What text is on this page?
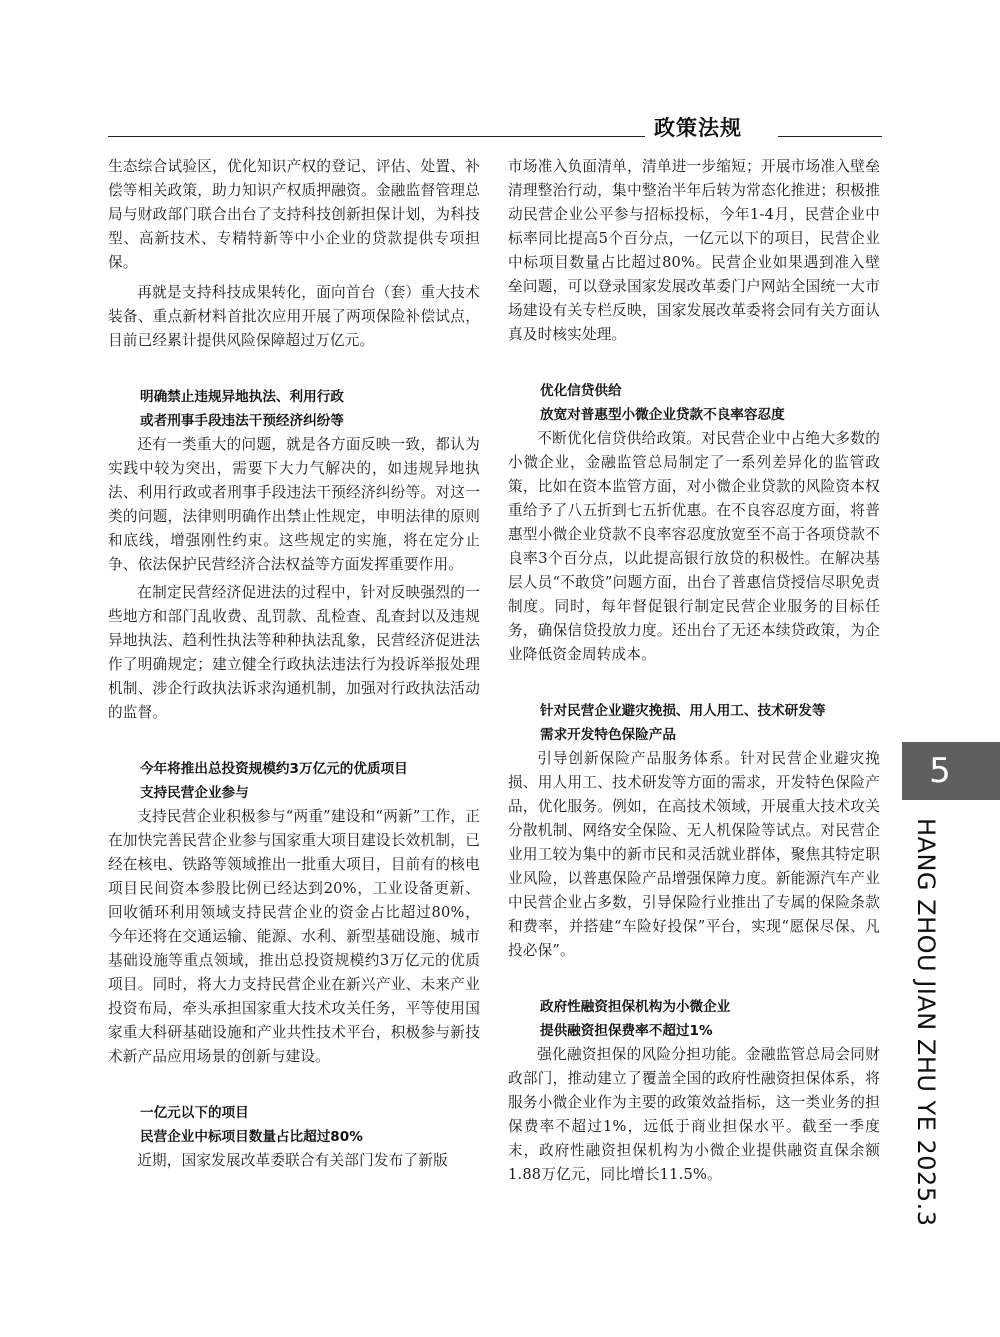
政策法规

生态综合试验区，优化知识产权的登记、评估、处置、补偿等相关政策，助力知识产权质押融资。金融监督管理总局与财政部门联合出台了支持科技创新担保计划，为科技型、高新技术、专精特新等中小企业的贷款提供专项担保。

再就是支持科技成果转化，面向首台（套）重大技术装备、重点新材料首批次应用开展了两项保险补偿试点，目前已经累计提供风险保障超过万亿元。

明确禁止违规异地执法、利用行政

或者刑事手段违法干预经济纠纷等

还有一类重大的问题，就是各方面反映一致，都认为实践中较为突出，需要下大力气解决的，如违规异地执法、利用行政或者刑事手段违法干预经济纠纷等。对这一类的问题，法律则明确作出禁止性规定，申明法律的原则和底线，增强刚性约束。这些规定的实施，将在定分止争、依法保护民营经济合法权益等方面发挥重要作用。

在制定民营经济促进法的过程中，针对反映强烈的一些地方和部门乱收费、乱罚款、乱检查、乱查封以及违规异地执法、趋利性执法等种种执法乱象，民营经济促进法作了明确规定；建立健全行政执法违法行为投诉举报处理机制、涉企行政执法诉求沟通机制，加强对行政执法活动的监督。

今年将推出总投资规模约3万亿元的优质项目

支持民营企业参与

支持民营企业积极参与“两重”建设和“两新”工作，正在加快完善民营企业参与国家重大项目建设长效机制，已经在核电、铁路等领域推出一批重大项目，目前有的核电项目民间资本参股比例已经达到20%，工业设备更新、回收循环利用领域支持民营企业的资金占比超过80%，今年还将在交通运输、能源、水利、新型基础设施、城市基础设施等重点领域，推出总投资规模约3万亿元的优质项目。同时，将大力支持民营企业在新兴产业、未来产业投资布局，牵头承担国家重大技术攻关任务，平等使用国家重大科研基础设施和产业共性技术平台，积极参与新技术新产品应用场景的创新与建设。

一亿元以下的项目

民营企业中标项目数量占比超过80%

近期，国家发展改革委联合有关部门发布了新版

市场准入负面清单，清单进一步缩短；开展市场准入壁垒清理整治行动，集中整治半年后转为常态化推进；积极推动民营企业公平参与招标投标，今年1-4月，民营企业中标率同比提高5个百分点，一亿元以下的项目，民营企业中标项目数量占比超过80%。民营企业如果遇到准入壁垒问题，可以登录国家发展改革委门户网站全国统一大市场建设有关专栏反映，国家发展改革委将会同有关方面认真及时核实处理。

优化信贷供给

放宽对普惠型小微企业贷款不良率容忍度

不断优化信贷供给政策。对民营企业中占绝大多数的小微企业，金融监管总局制定了一系列差异化的监管政策，比如在资本监管方面，对小微企业贷款的风险资本权重给予了八五折到七五折优惠。在不良容忍度方面，将普惠型小微企业贷款不良率容忍度放宽至不高于各项贷款不良率3个百分点，以此提高银行放贷的积极性。在解决基层人员“不敢贷”问题方面，出台了普惠信贷授信尽职免责制度。同时，每年督促银行制定民营企业服务的目标任务，确保信贷投放力度。还出台了无还本续贷政策，为企业降低资金周转成本。

针对民营企业避灾挽损、用人用工、技术研发等

需求开发特色保险产品

引导创新保险产品服务体系。针对民营企业避灾挽损、用人用工、技术研发等方面的需求，开发特色保险产品，优化服务。例如，在高技术领域，开展重大技术攻关分散机制、网络安全保险、无人机保险等试点。对民营企业用工较为集中的新市民和灵活就业群体，聚焦其特定职业风险，以普惠保险产品增强保障力度。新能源汽车产业中民营企业占多数，引导保险行业推出了专属的保险条款和费率，并搭建“车险好投保”平台，实现“愿保尽保、凡投必保”。

政府性融资担保机构为小微企业

提供融资担保费率不超过1%

强化融资担保的风险分担功能。金融监管总局会同财政部门，推动建立了覆盖全国的政府性融资担保体系，将服务小微企业作为主要的政策效益指标，这一类业务的担保费率不超过1%，远低于商业担保水平。截至一季度末，政府性融资担保机构为小微企业提供融资直保余额1.88万亿元，同比增长11.5%。

5
HANG ZHOU JIAN ZHU YE 2025.3
